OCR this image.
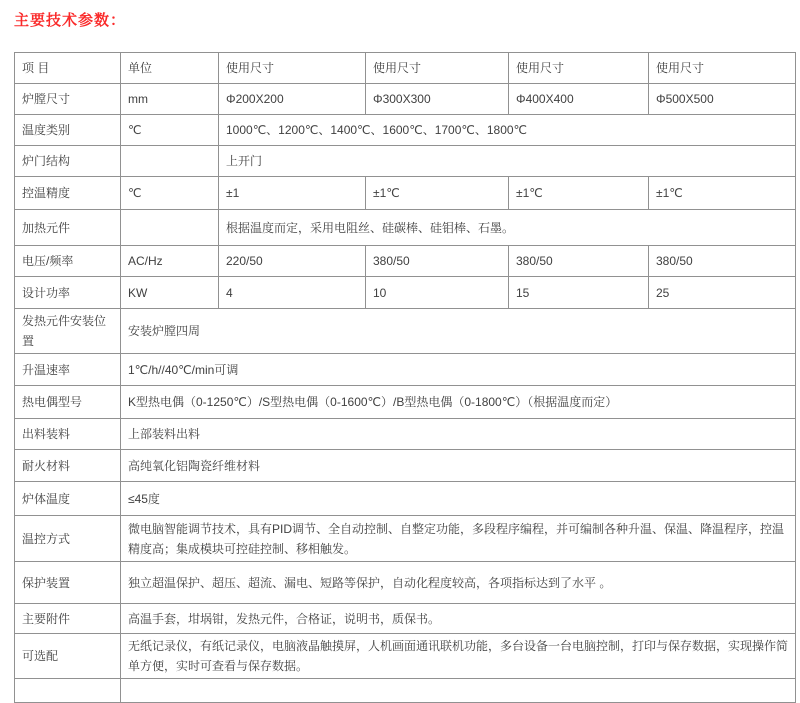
主要技术参数：
项 目	单位	使用尺寸	使用尺寸	使用尺寸	使用尺寸
炉膛尺寸	mm	Φ200X200	Φ300X300	Φ400X400	Φ500X500
温度类别	℃	1000℃、1200℃、1400℃、1600℃、1700℃、1800℃			
炉门结构		上开门			
控温精度	℃	±1	±1℃	±1℃	±1℃
加热元件		根据温度而定，采用电阻丝、硅碳棒、硅钼棒、石墨。			
电压/频率	AC/Hz	220/50	380/50	380/50	380/50
设计功率	KW	4	10	15	25
发热元件安装位置	安装炉膛四周				
升温速率	1℃/h//40℃/min可调				
热电偶型号	K型热电偶（0-1250℃）/S型热电偶（0-1600℃）/B型热电偶（0-1800℃）（根据温度而定）				
出料装料	上部装料出料				
耐火材料	高纯氧化铝陶瓷纤维材料				
炉体温度	≤45度				
温控方式	微电脑智能调节技术，具有PID调节、全自动控制、自整定功能，多段程序编程，并可编制各种升温、保温、降温程序，控温精度高；集成模块可控硅控制、移相触发。				
保护装置	独立超温保护、超压、超流、漏电、短路等保护，自动化程度较高，各项指标达到了水平 。				
主要附件	高温手套，坩埚钳，发热元件，合格证，说明书，质保书。				
可选配	无纸记录仪，有纸记录仪，电脑液晶触摸屏，人机画面通讯联机功能，多台设备一台电脑控制，打印与保存数据，实现操作简单方便，实时可查看与保存数据。				
